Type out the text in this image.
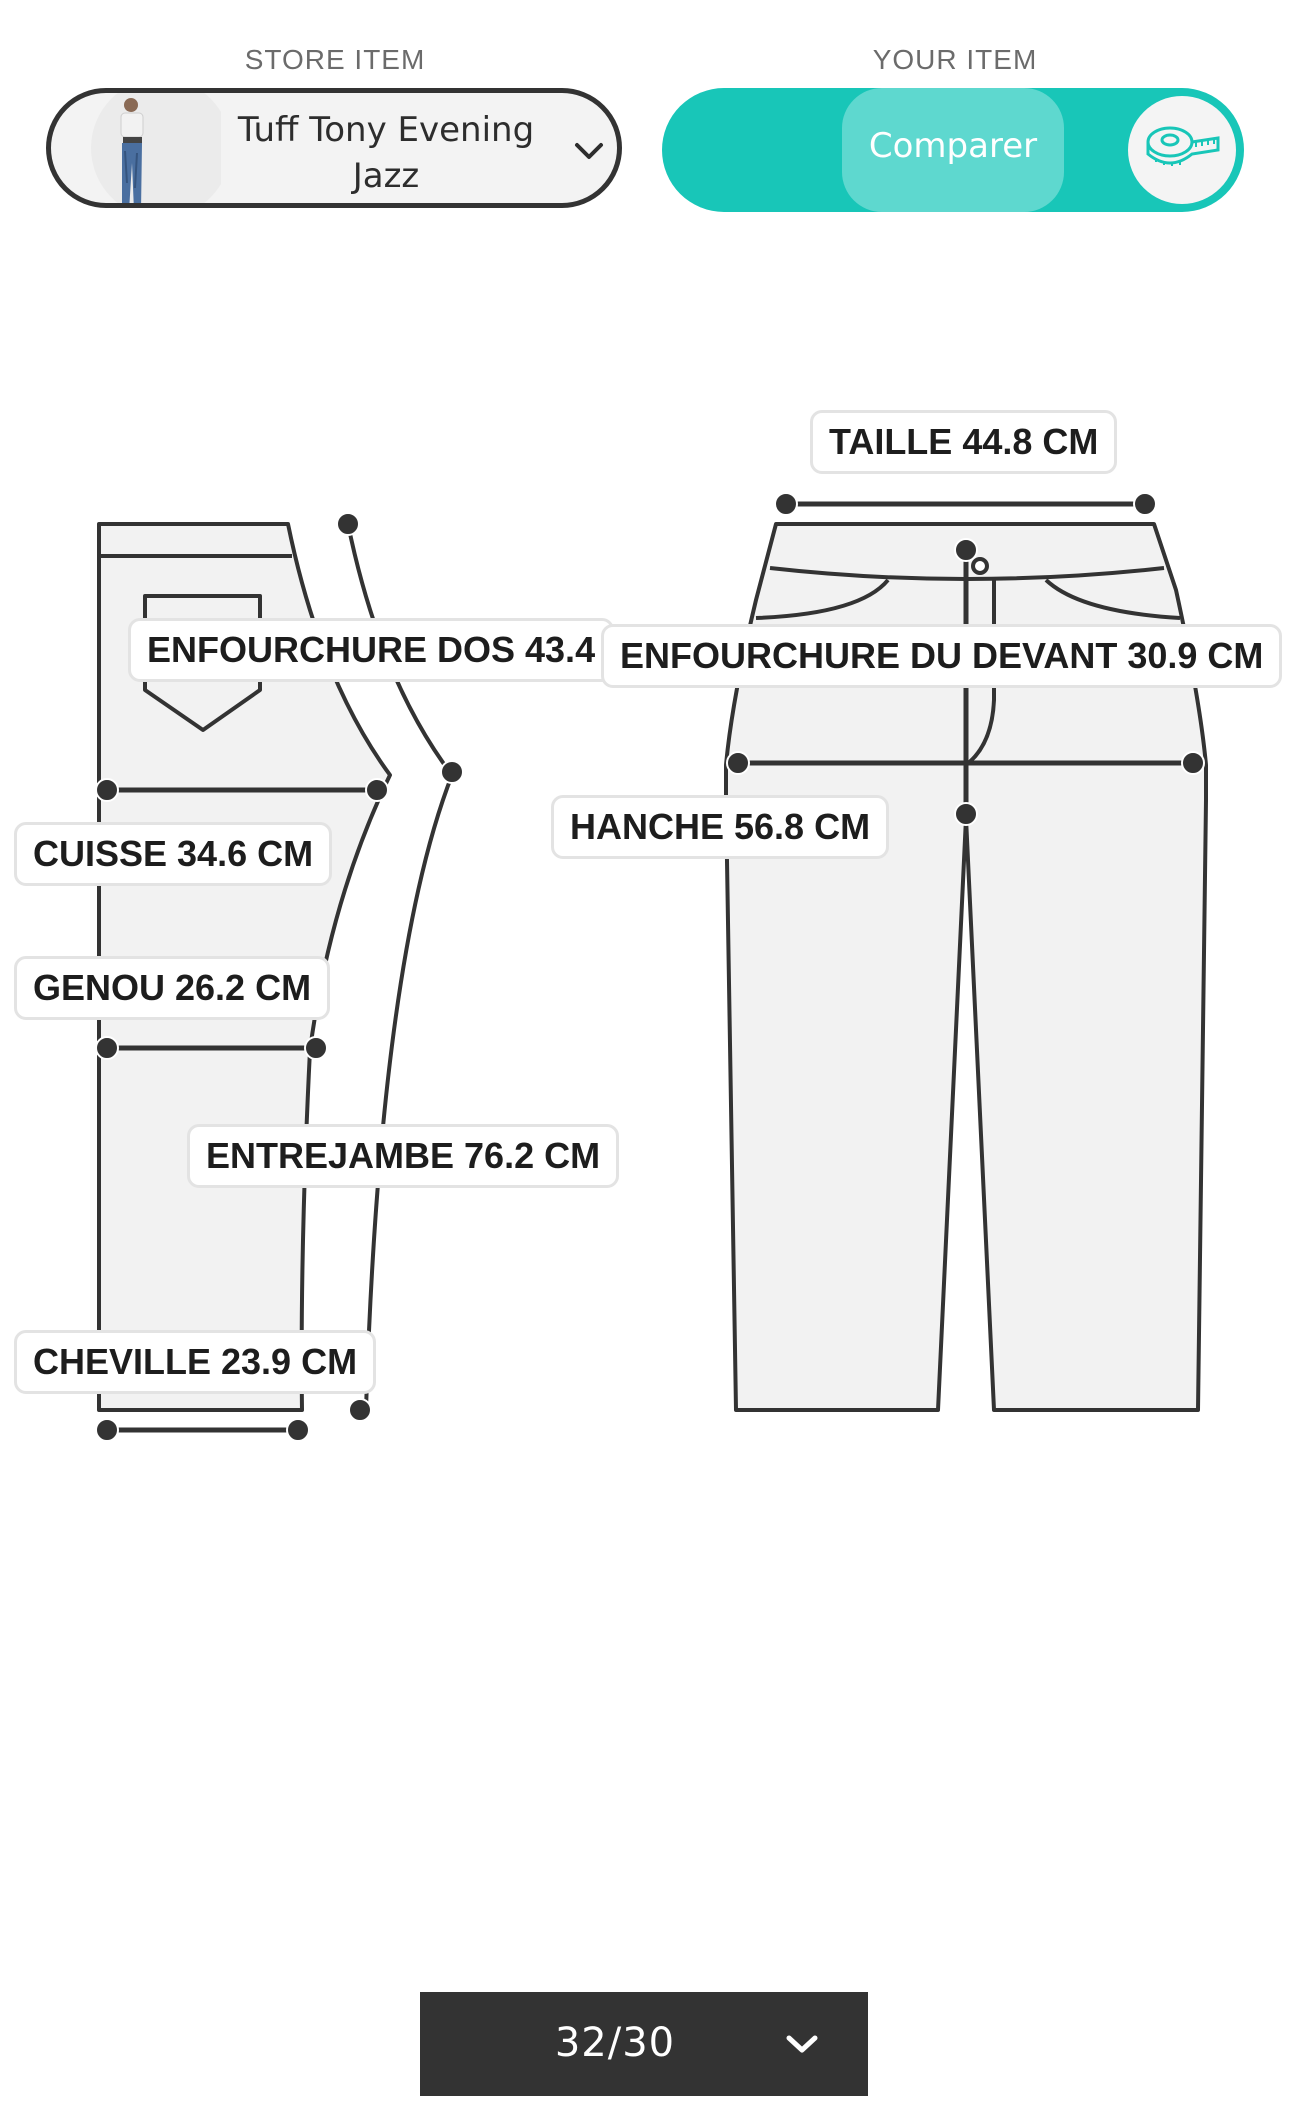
STORE ITEM	YOUR ITEM
Tuff Tony Evening
Jazz
Comparer
TAILLE 44.8 CM
ENFOURCHURE DOS 43.4 ENFOURCHURE DU DEVANT 30.9 CM
HANCHE 56.8 CM
CUISSE 34.6 CM
GENOU 26.2 CM
ENTREJAMBE 76.2 CM
CHEVILLE 23.9 CM
32/30
